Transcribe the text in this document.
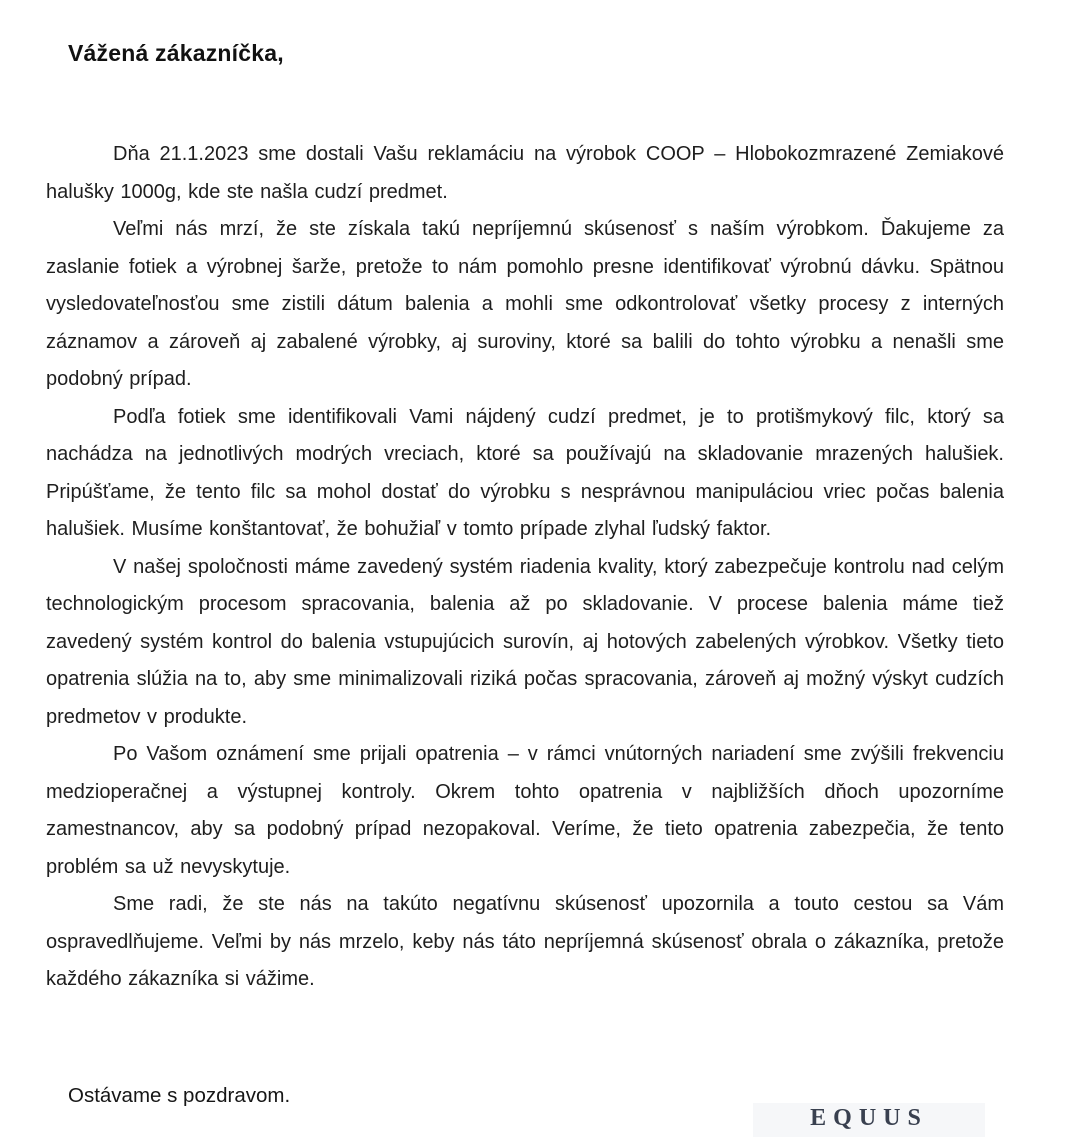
Vážená zákazníčka,

Dňa 21.1.2023 sme dostali Vašu reklamáciu na výrobok COOP – Hlobokozmrazené Zemiakové halušky 1000g, kde ste našla cudzí predmet.

Veľmi nás mrzí, že ste získala takú nepríjemnú skúsenosť s naším výrobkom. Ďakujeme za zaslanie fotiek a výrobnej šarže, pretože to nám pomohlo presne identifikovať výrobnú dávku. Spätnou vysledovateľnosťou sme zistili dátum balenia a mohli sme odkontrolovať všetky procesy z interných záznamov a zároveň aj zabalené výrobky, aj suroviny, ktoré sa balili do tohto výrobku a nenašli sme podobný prípad.

Podľa fotiek sme identifikovali Vami nájdený cudzí predmet, je to protišmykový filc, ktorý sa nachádza na jednotlivých modrých vreciach, ktoré sa používajú na skladovanie mrazených halušiek. Pripúšťame, že tento filc sa mohol dostať do výrobku s nesprávnou manipuláciou vriec počas balenia halušiek. Musíme konštantovať, že bohužiaľ v tomto prípade zlyhal ľudský faktor.

V našej spoločnosti máme zavedený systém riadenia kvality, ktorý zabezpečuje kontrolu nad celým technologickým procesom spracovania, balenia až po skladovanie. V procese balenia máme tiež zavedený systém kontrol do balenia vstupujúcich surovín, aj hotových zabelených výrobkov. Všetky tieto opatrenia slúžia na to, aby sme minimalizovali riziká počas spracovania, zároveň aj možný výskyt cudzích predmetov v produkte.

Po Vašom oznámení sme prijali opatrenia – v rámci vnútorných nariadení sme zvýšili frekvenciu medzioperačnej a výstupnej kontroly. Okrem tohto opatrenia v najbližších dňoch upozorníme zamestnancov, aby sa podobný prípad nezopakoval. Veríme, že tieto opatrenia zabezpečia, že tento problém sa už nevyskytuje.

Sme radi, že ste nás na takúto negatívnu skúsenosť upozornila a touto cestou sa Vám ospravedlňujeme. Veľmi by nás mrzelo, keby nás táto nepríjemná skúsenosť obrala o zákazníka, pretože každého zákazníka si vážime.

Ostávame s pozdravom.
EQUUS
